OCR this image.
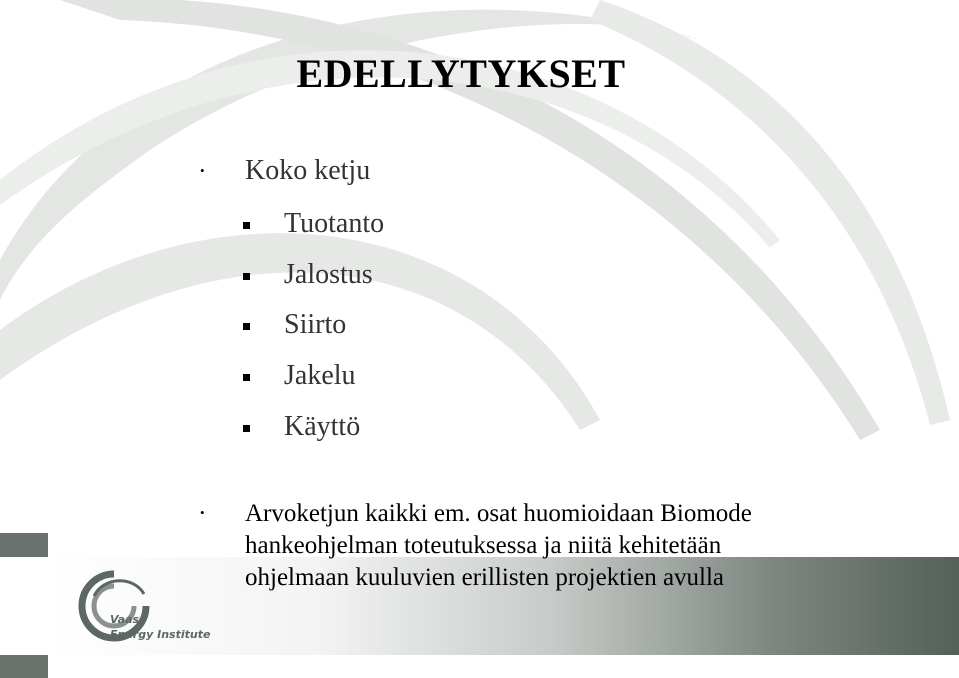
Vaasa
Energy Institute
EDELLYTYKSET
•
Koko ketju
Tuotanto
Jalostus
Siirto
Jakelu
Käyttö
•
Arvoketjun kaikki em. osat huomioidaan Biomode
hankeohjelman toteutuksessa ja niitä kehitetään
ohjelmaan kuuluvien erillisten projektien avulla
